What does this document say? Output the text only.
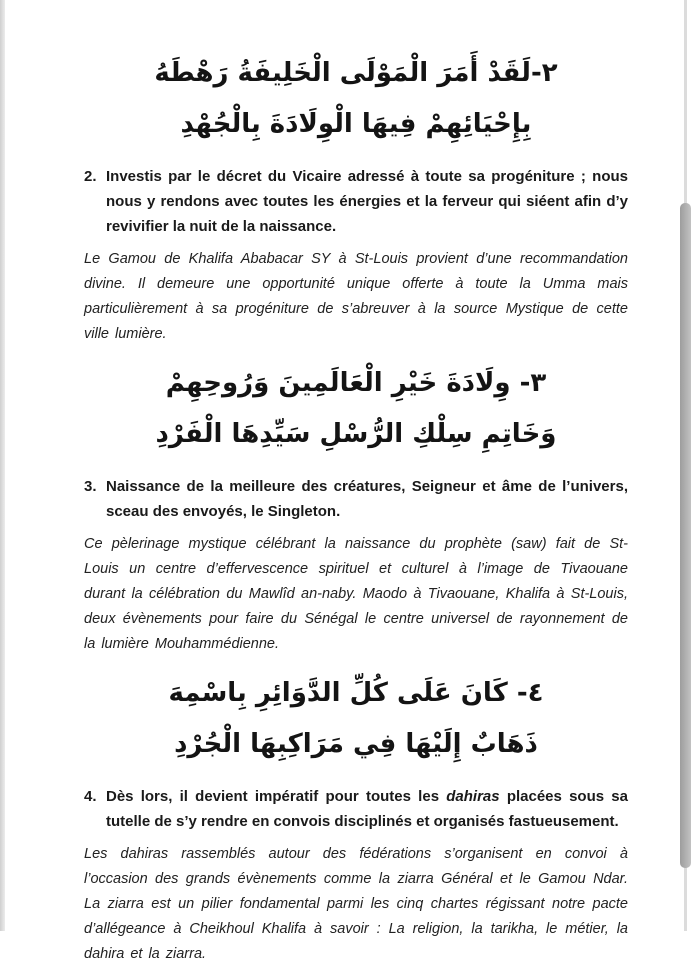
٢-لَقَدْ أَمَرَ الْمَوْلَى الْخَلِيفَةُ رَهْطَهُ
بِإِحْيَائِهِمْ فِيهَا الْوِلَادَةَ بِالْجُهْدِ
2. Investis par le décret du Vicaire adressé à toute sa progéniture ; nous nous y rendons avec toutes les énergies et la ferveur qui siéent afin d’y revivifier la nuit de la naissance.

Le Gamou de Khalifa Ababacar SY à St-Louis provient d’une recommandation divine. Il demeure une opportunité unique offerte à toute la Umma mais particulièrement à sa progéniture de s’abreuver à la source Mystique de cette ville lumière.

٣- وِلَادَةَ خَيْرِ الْعَالَمِينَ وَرُوحِهِمْ
وَخَاتِمِ سِلْكِ الرُّسْلِ سَيِّدِهَا الْفَرْدِ
3. Naissance de la meilleure des créatures, Seigneur et âme de l’univers, sceau des envoyés, le Singleton.

Ce pèlerinage mystique célébrant la naissance du prophète (saw) fait de St-Louis un centre d’effervescence spirituel et culturel à l’image de Tivaouane durant la célébration du Mawlîd an-naby. Maodo à Tivaouane, Khalifa à St-Louis, deux évènements pour faire du Sénégal le centre universel de rayonnement de la lumière Mouhammédienne.

٤- كَانَ عَلَى كُلِّ الدَّوَائِرِ بِاسْمِهَ
ذَهَابٌ إِلَيْهَا فِي مَرَاكِبِهَا الْجُرْدِ
4. Dès lors, il devient impératif pour toutes les dahiras placées sous sa tutelle de s’y rendre en convois disciplinés et organisés fastueusement.

Les dahiras rassemblés autour des fédérations s’organisent en convoi à l’occasion des grands évènements comme la ziarra Général et le Gamou Ndar. La ziarra est un pilier fondamental parmi les cinq chartes régissant notre pacte d’allégeance à Cheikhoul Khalifa à savoir : La religion, la tarikha, le métier, la dahira et la ziarra.
